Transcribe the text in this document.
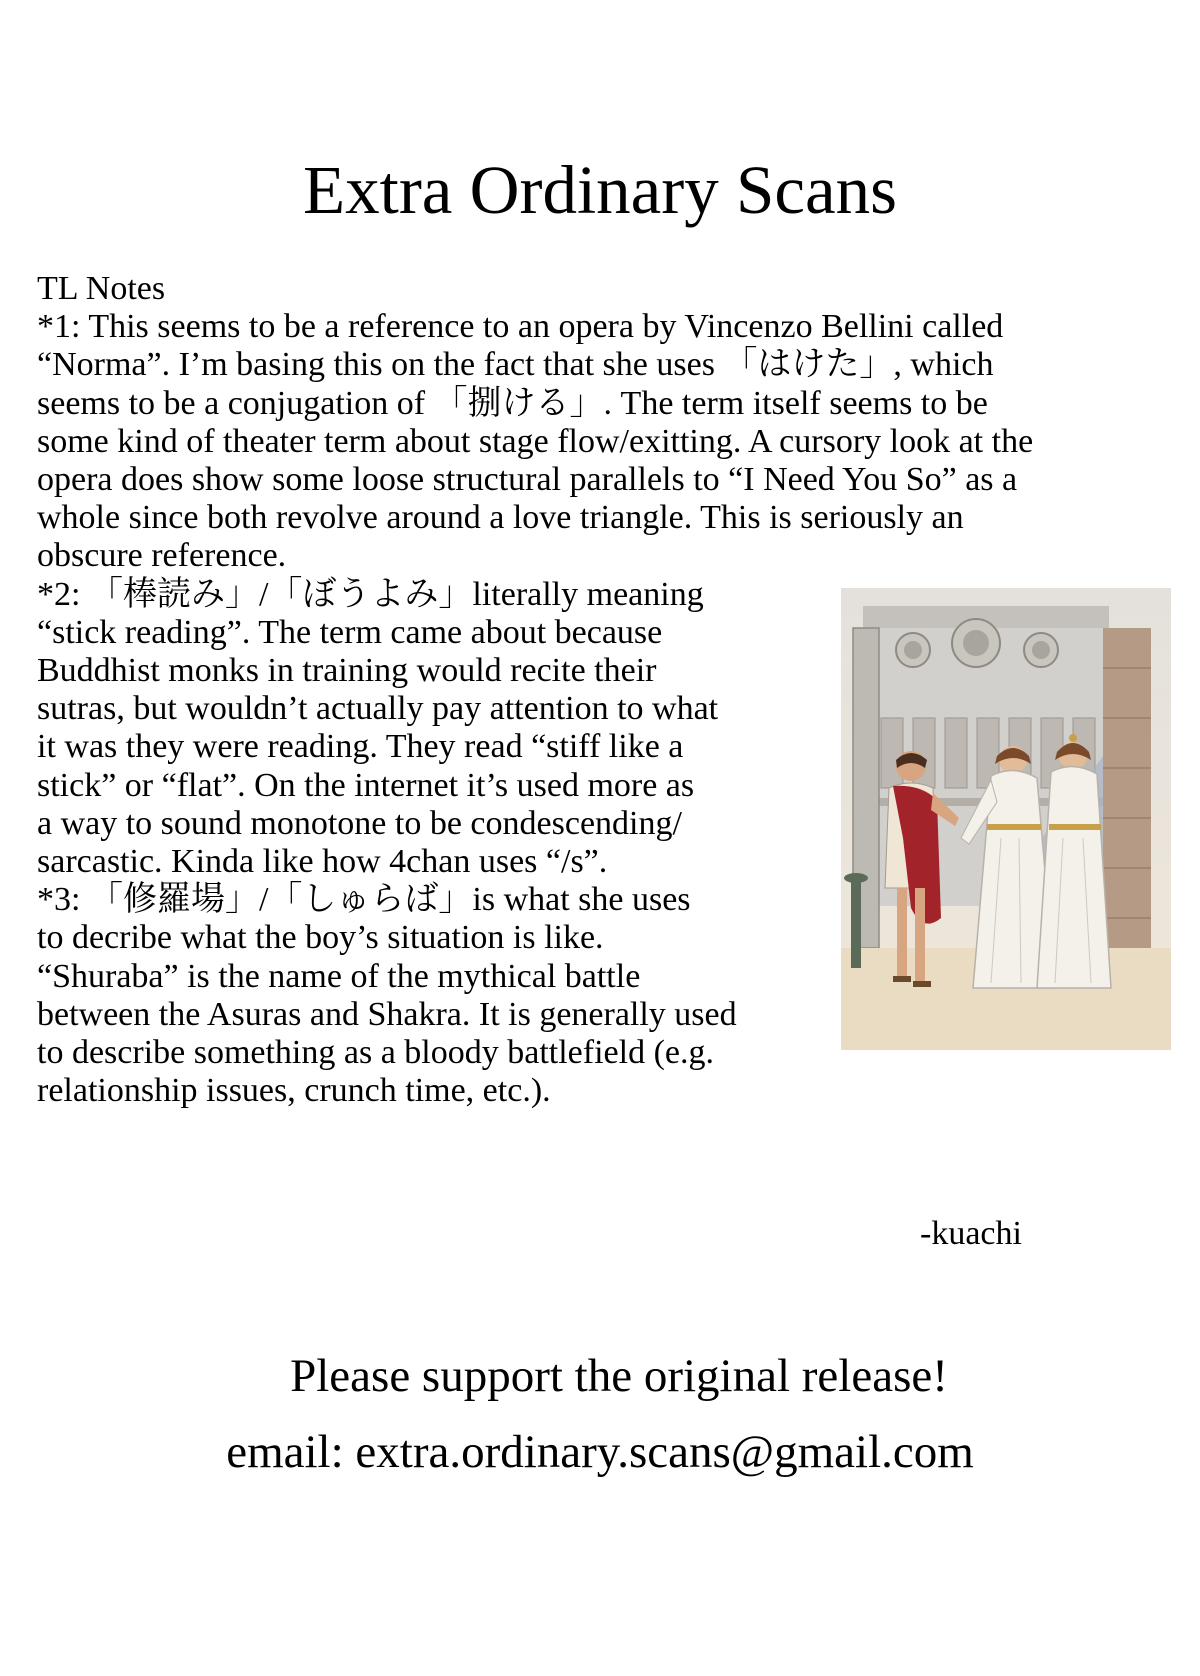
Extra Ordinary Scans
TL Notes
*1: This seems to be a reference to an opera by Vincenzo Bellini called
“Norma”. I’m basing this on the fact that she uses 「はけた」, which
seems to be a conjugation of 「捌ける」. The term itself seems to be
some kind of theater term about stage flow/exitting. A cursory look at the
opera does show some loose structural parallels to “I Need You So” as a
whole since both revolve around a love triangle. This is seriously an
obscure reference.
*2: 「棒読み」/「ぼうよみ」literally meaning
“stick reading”. The term came about because
Buddhist monks in training would recite their
sutras, but wouldn’t actually pay attention to what
it was they were reading. They read “stiff like a
stick” or “flat”. On the internet it’s used more as
a way to sound monotone to be condescending/
sarcastic. Kinda like how 4chan uses “/s”.
*3: 「修羅場」/「しゅらば」is what she uses
to decribe what the boy’s situation is like.
“Shuraba” is the name of the mythical battle
between the Asuras and Shakra. It is generally used
to describe something as a bloody battlefield (e.g.
relationship issues, crunch time, etc.).
-kuachi
Please support the original release!
email: extra.ordinary.scans@gmail.com
